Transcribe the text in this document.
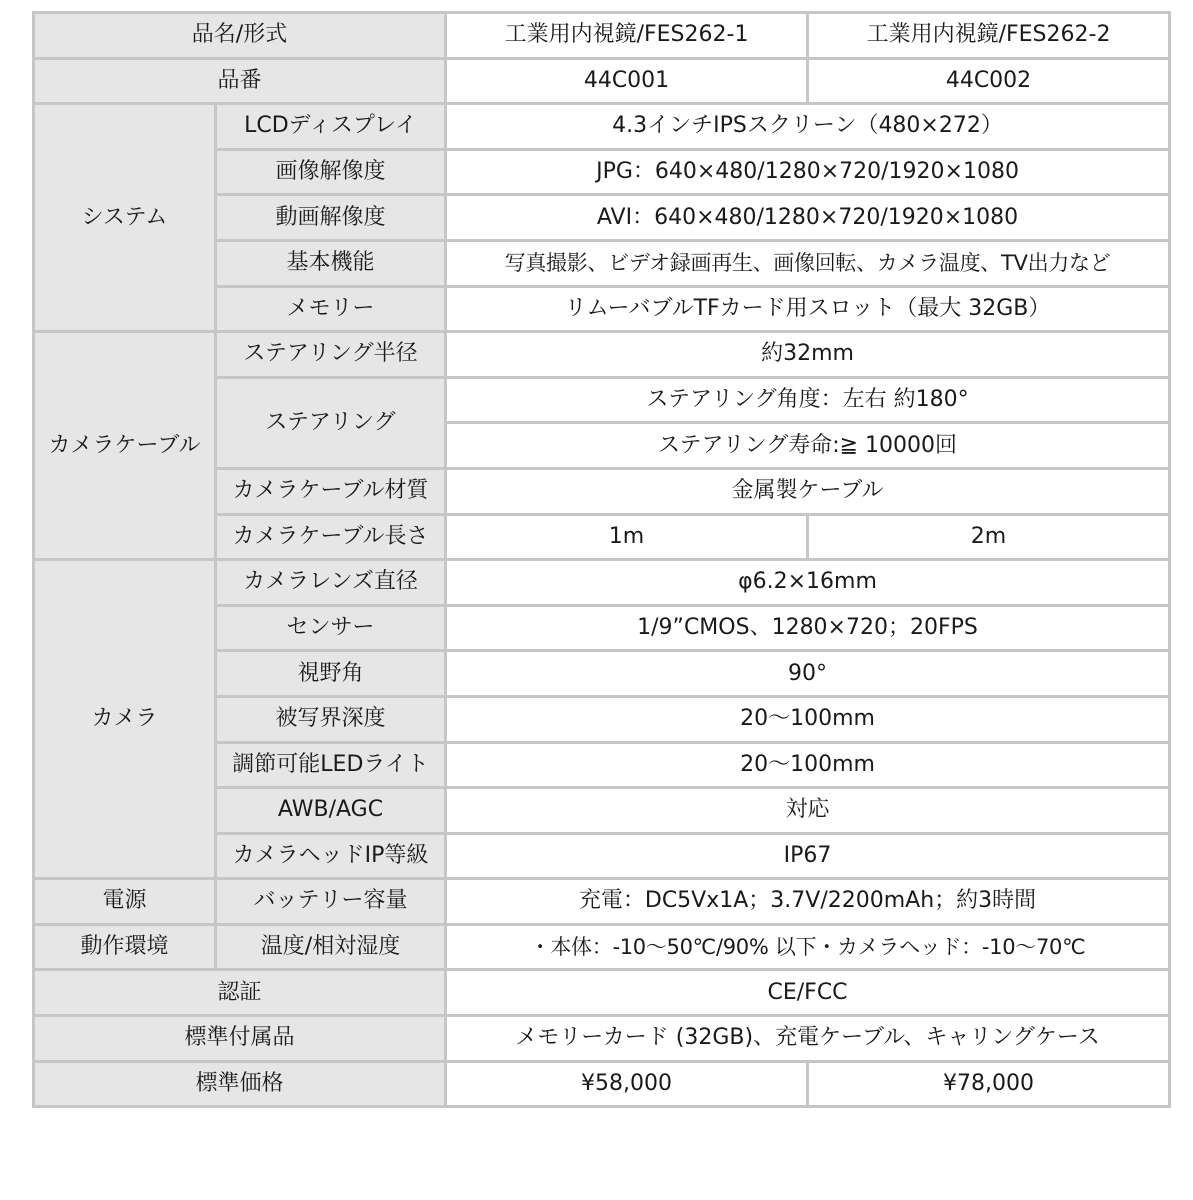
品名/形式		工業用内視鏡/FES262-1	工業用内視鏡/FES262-2
品番		44C001	44C002
システム	LCDディスプレイ	4.3インチIPSスクリーン（480×272）	
	画像解像度	JPG：640×480/1280×720/1920×1080	
	動画解像度	AVI：640×480/1280×720/1920×1080	
	基本機能	写真撮影、ビデオ録画再生、画像回転、カメラ温度、TV出力など	
	メモリー	リムーバブルTFカード用スロット（最大 32GB）	
カメラケーブル	ステアリング半径	約32mm	
	ステアリング	ステアリング角度：左右 約180°	
		ステアリング寿命:≧ 10000回	
	カメラケーブル材質	金属製ケーブル	
	カメラケーブル長さ	1m	2m
カメラ	カメラレンズ直径	φ6.2×16mm	
	センサー	1/9”CMOS、1280×720；20FPS	
	視野角	90°	
	被写界深度	20～100mm	
	調節可能LEDライト	20～100mm	
	AWB/AGC	対応	
	カメラヘッドIP等級	IP67	
電源	バッテリー容量	充電：DC5Vx1A；3.7V/2200mAh；約3時間	
動作環境	温度/相対湿度	・本体：-10～50℃/90% 以下・カメラヘッド：-10～70℃	
認証		CE/FCC	
標準付属品		メモリーカード (32GB)、充電ケーブル、キャリングケース	
標準価格		¥58,000	¥78,000
